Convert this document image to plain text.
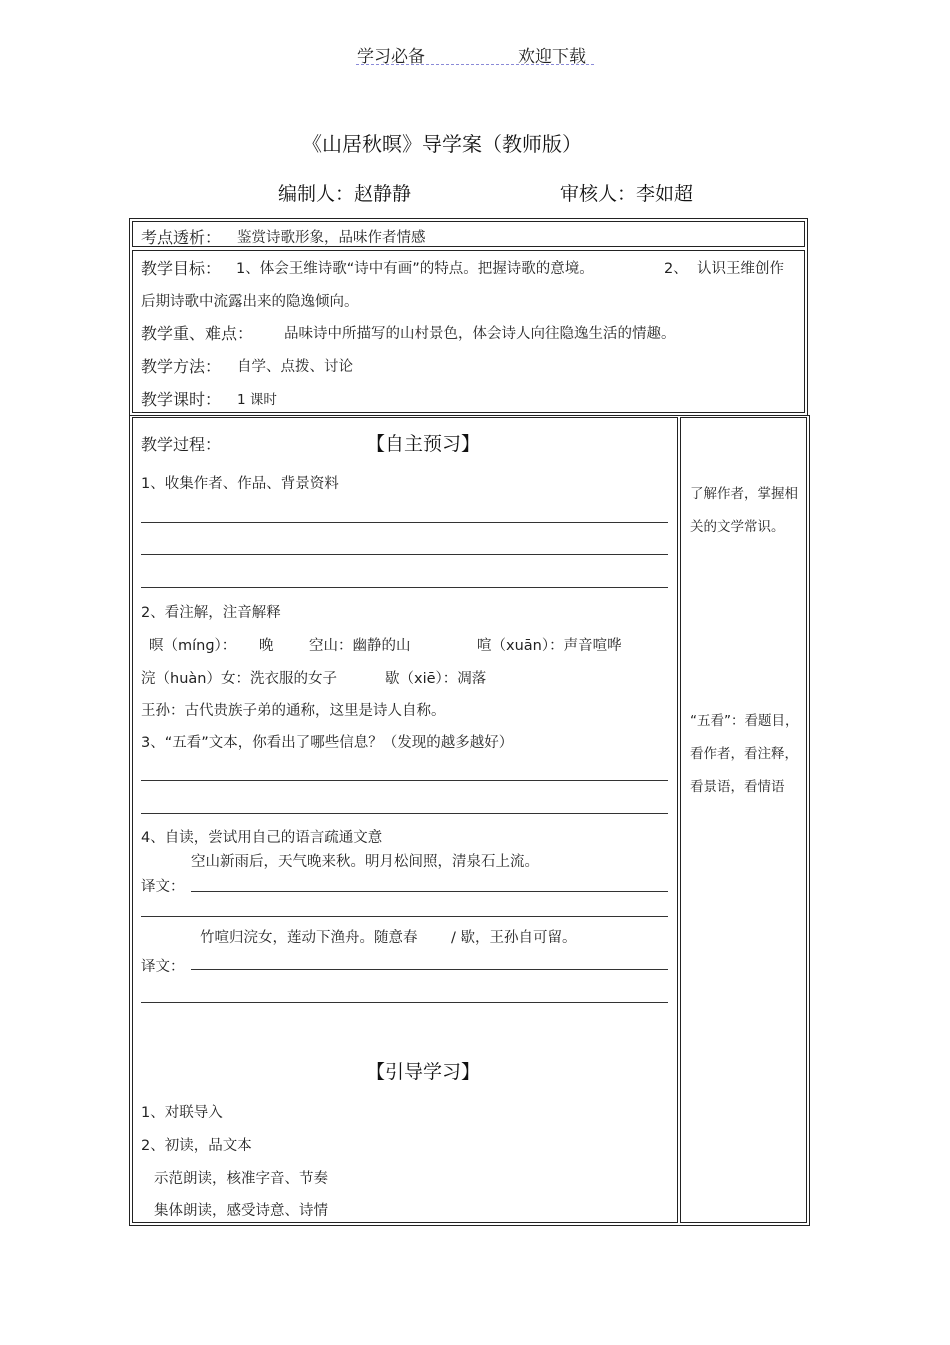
学习必备	欢迎下载
《山居秋暝》导学案（教师版）
编制人：赵静静	审核人：李如超
考点透析： 鉴赏诗歌形象，品味作者情感
教学目标： 1、体会王维诗歌“诗中有画”的特点。把握诗歌的意境。	2、 认识王维创作
后期诗歌中流露出来的隐逸倾向。
教学重、难点： 品味诗中所描写的山村景色，体会诗人向往隐逸生活的情趣。
教学方法： 自学、点拨、讨论
教学课时： 1 课时
教学过程：	【自主预习】
1、收集作者、作品、背景资料
2、看注解，注音解释
暝（mínɡ）： 晚 空山：幽静的山	喧（xuān）：声音喧哗
浣（huàn）女：洗衣服的女子	歇（xiē）：凋落
王孙：古代贵族子弟的通称，这里是诗人自称。
3、“五看”文本，你看出了哪些信息？（发现的越多越好）
4、自读，尝试用自己的语言疏通文意
空山新雨后，天气晚来秋。明月松间照，清泉石上流。
译文：
竹喧归浣女，莲动下渔舟。随意春 / 歇，王孙自可留。
译文：
【引导学习】
1、对联导入
2、初读，品文本
示范朗读，核准字音、节奏
集体朗读，感受诗意、诗情
了解作者，掌握相关的文学常识。
“五看”：看题目，看作者，看注释，看景语，看情语
